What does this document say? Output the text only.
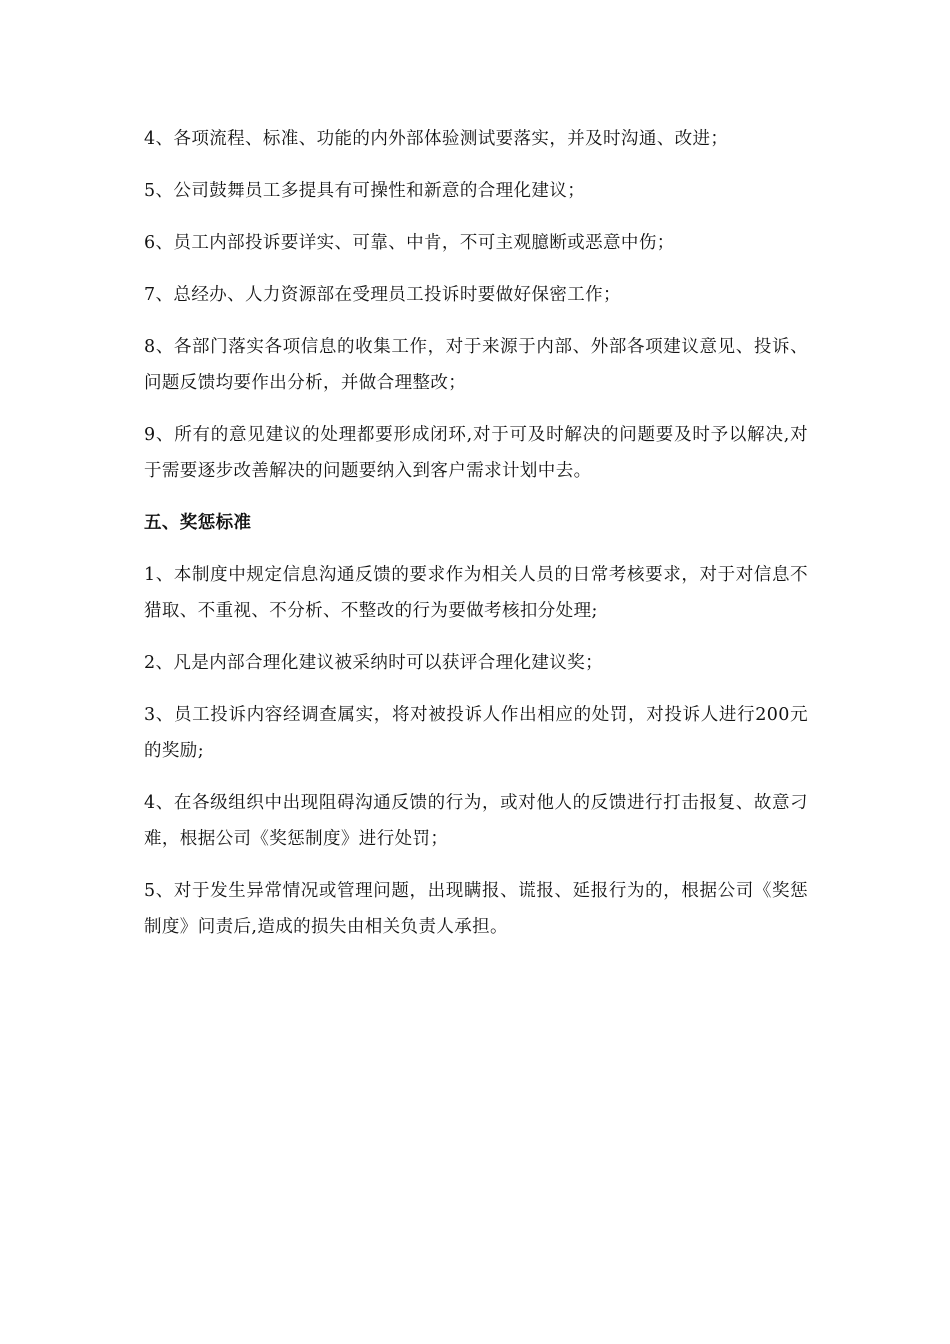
4、各项流程、标准、功能的内外部体验测试要落实，并及时沟通、改进；

5、公司鼓舞员工多提具有可操性和新意的合理化建议；

6、员工内部投诉要详实、可靠、中肯，不可主观臆断或恶意中伤；

7、总经办、人力资源部在受理员工投诉时要做好保密工作；

8、各部门落实各项信息的收集工作，对于来源于内部、外部各项建议意见、投诉、问题反馈均要作出分析，并做合理整改；

9、所有的意见建议的处理都要形成闭环,对于可及时解决的问题要及时予以解决,对于需要逐步改善解决的问题要纳入到客户需求计划中去。

五、奖惩标准

1、本制度中规定信息沟通反馈的要求作为相关人员的日常考核要求，对于对信息不猎取、不重视、不分析、不整改的行为要做考核扣分处理;

2、凡是内部合理化建议被采纳时可以获评合理化建议奖；

3、员工投诉内容经调查属实，将对被投诉人作出相应的处罚，对投诉人进行200元的奖励;

4、在各级组织中出现阻碍沟通反馈的行为，或对他人的反馈进行打击报复、故意刁难，根据公司《奖惩制度》进行处罚；

5、对于发生异常情况或管理问题，出现瞒报、谎报、延报行为的，根据公司《奖惩制度》问责后,造成的损失由相关负责人承担。
